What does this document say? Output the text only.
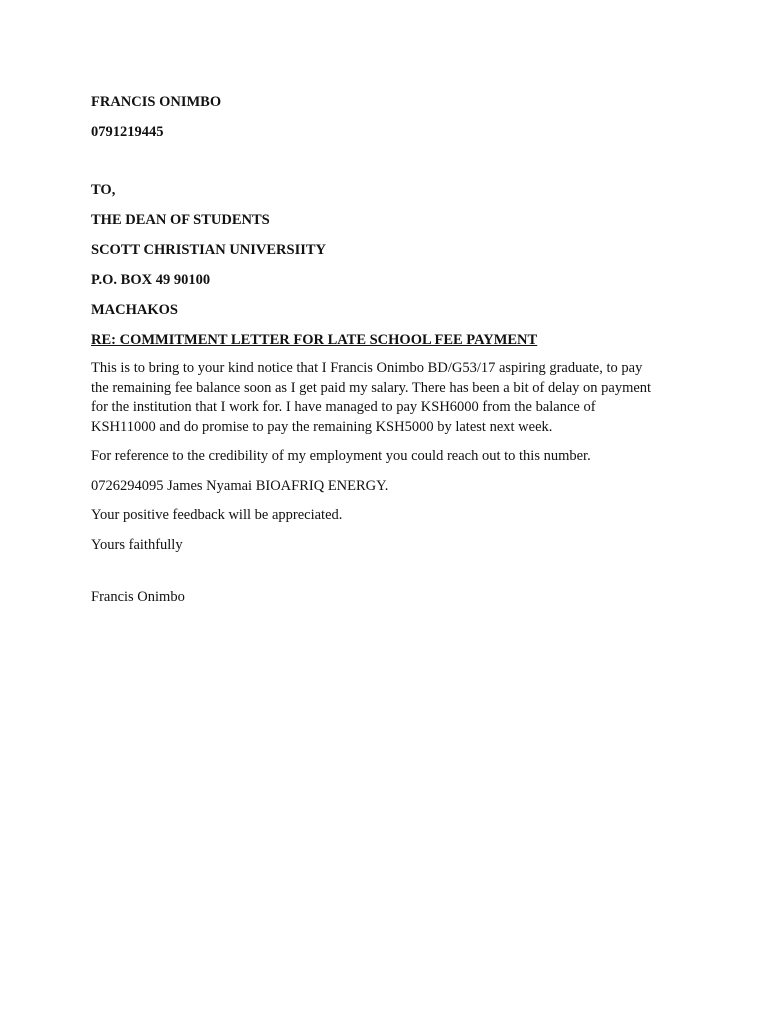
FRANCIS ONIMBO
0791219445
TO,
THE DEAN OF STUDENTS
SCOTT CHRISTIAN UNIVERSIITY
P.O. BOX 49 90100
MACHAKOS
RE: COMMITMENT LETTER FOR LATE SCHOOL FEE PAYMENT
This is to bring to your kind notice that I Francis Onimbo BD/G53/17 aspiring graduate, to pay
the remaining fee balance soon as I get paid my salary. There has been a bit of delay on payment
for the institution that I work for. I have managed to pay KSH6000 from the balance of
KSH11000 and do promise to pay the remaining KSH5000 by latest next week.
For reference to the credibility of my employment you could reach out to this number.
0726294095 James Nyamai BIOAFRIQ ENERGY.
Your positive feedback will be appreciated.
Yours faithfully
Francis Onimbo
